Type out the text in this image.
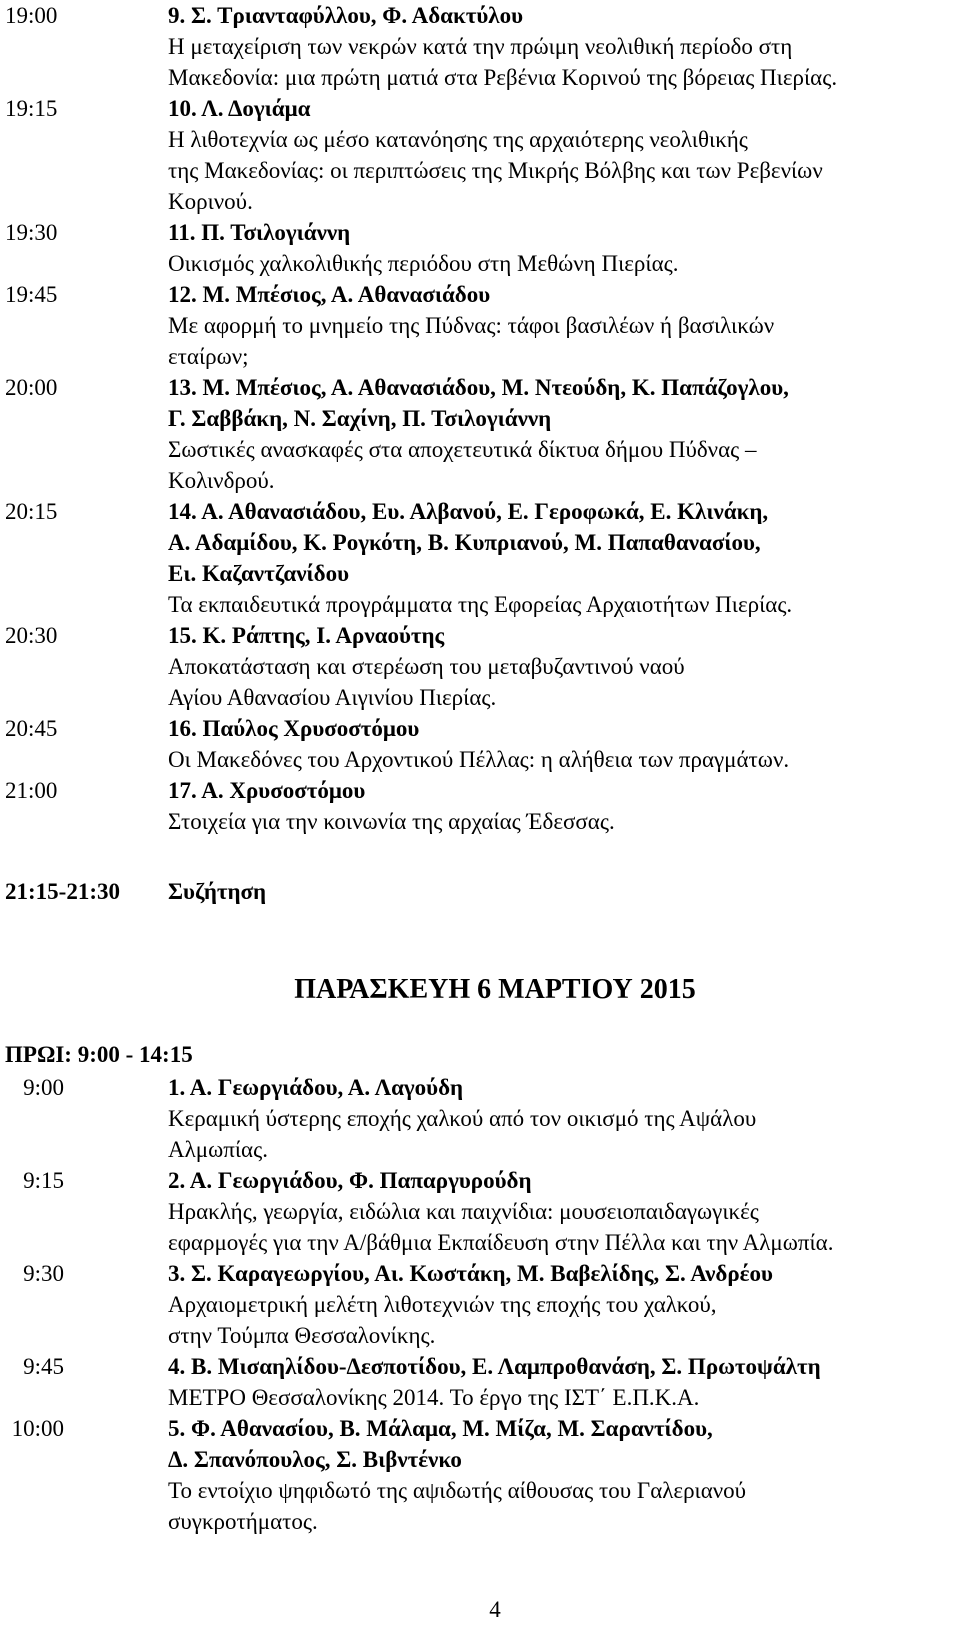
19:00	9. Σ. Τριανταφύλλου, Φ. Αδακτύλου
Η μεταχείριση των νεκρών κατά την πρώιμη νεολιθική περίοδο στη
Μακεδονία: μια πρώτη ματιά στα Ρεβένια Κορινού της βόρειας Πιερίας.
19:15	10. Λ. Δογιάμα
Η λιθοτεχνία ως μέσο κατανόησης της αρχαιότερης νεολιθικής
της Μακεδονίας: οι περιπτώσεις της Μικρής Βόλβης και των Ρεβενίων
Κορινού.
19:30	11. Π. Τσιλογιάννη
Οικισμός χαλκολιθικής περιόδου στη Μεθώνη Πιερίας.
19:45	12. Μ. Μπέσιος, Α. Αθανασιάδου
Με αφορμή το μνημείο της Πύδνας: τάφοι βασιλέων ή βασιλικών
εταίρων;
20:00	13. Μ. Μπέσιος, Α. Αθανασιάδου, Μ. Ντεούδη, Κ. Παπάζογλου,
Γ. Σαββάκη, Ν. Σαχίνη, Π. Τσιλογιάννη
Σωστικές ανασκαφές στα αποχετευτικά δίκτυα δήμου Πύδνας –
Κολινδρού.
20:15	14. Α. Αθανασιάδου, Ευ. Αλβανού, Ε. Γεροφωκά, Ε. Κλινάκη,
Α. Αδαμίδου, Κ. Ρογκότη, Β. Κυπριανού, Μ. Παπαθανασίου,
Ει. Καζαντζανίδου
Τα εκπαιδευτικά προγράμματα της Εφορείας Αρχαιοτήτων Πιερίας.
20:30	15. Κ. Ράπτης, Ι. Αρναούτης
Αποκατάσταση και στερέωση του μεταβυζαντινού ναού
Αγίου Αθανασίου Αιγινίου Πιερίας.
20:45	16. Παύλος Χρυσοστόμου
Οι Μακεδόνες του Αρχοντικού Πέλλας: η αλήθεια των πραγμάτων.
21:00	17. Α. Χρυσοστόμου
Στοιχεία για την κοινωνία της αρχαίας Έδεσσας.
21:15-21:30	Συζήτηση
ΠΑΡΑΣΚΕΥΗ 6 ΜΑΡΤΙΟΥ 2015
ΠΡΩΙ: 9:00 - 14:15
9:00	1. Α. Γεωργιάδου, Α. Λαγούδη
Κεραμική ύστερης εποχής χαλκού από τον οικισμό της Αψάλου
Αλμωπίας.
9:15	2. Α. Γεωργιάδου, Φ. Παπαργυρούδη
Ηρακλής, γεωργία, ειδώλια και παιχνίδια: μουσειοπαιδαγωγικές
εφαρμογές για την Α/βάθμια Εκπαίδευση στην Πέλλα και την Αλμωπία.
9:30	3. Σ. Καραγεωργίου, Αι. Κωστάκη, Μ. Βαβελίδης, Σ. Ανδρέου
Αρχαιομετρική μελέτη λιθοτεχνιών της εποχής του χαλκού,
στην Τούμπα Θεσσαλονίκης.
9:45	4. Β. Μισαηλίδου-Δεσποτίδου, Ε. Λαμπροθανάση, Σ. Πρωτοψάλτη
ΜΕΤΡΟ Θεσσαλονίκης 2014. Το έργο της ΙΣΤ΄ Ε.Π.Κ.Α.
10:00	5. Φ. Αθανασίου, Β. Μάλαμα, Μ. Μίζα, Μ. Σαραντίδου,
Δ. Σπανόπουλος, Σ. Βιβντένκο
Το εντοίχιο ψηφιδωτό της αψιδωτής αίθουσας του Γαλεριανού
συγκροτήματος.
4
